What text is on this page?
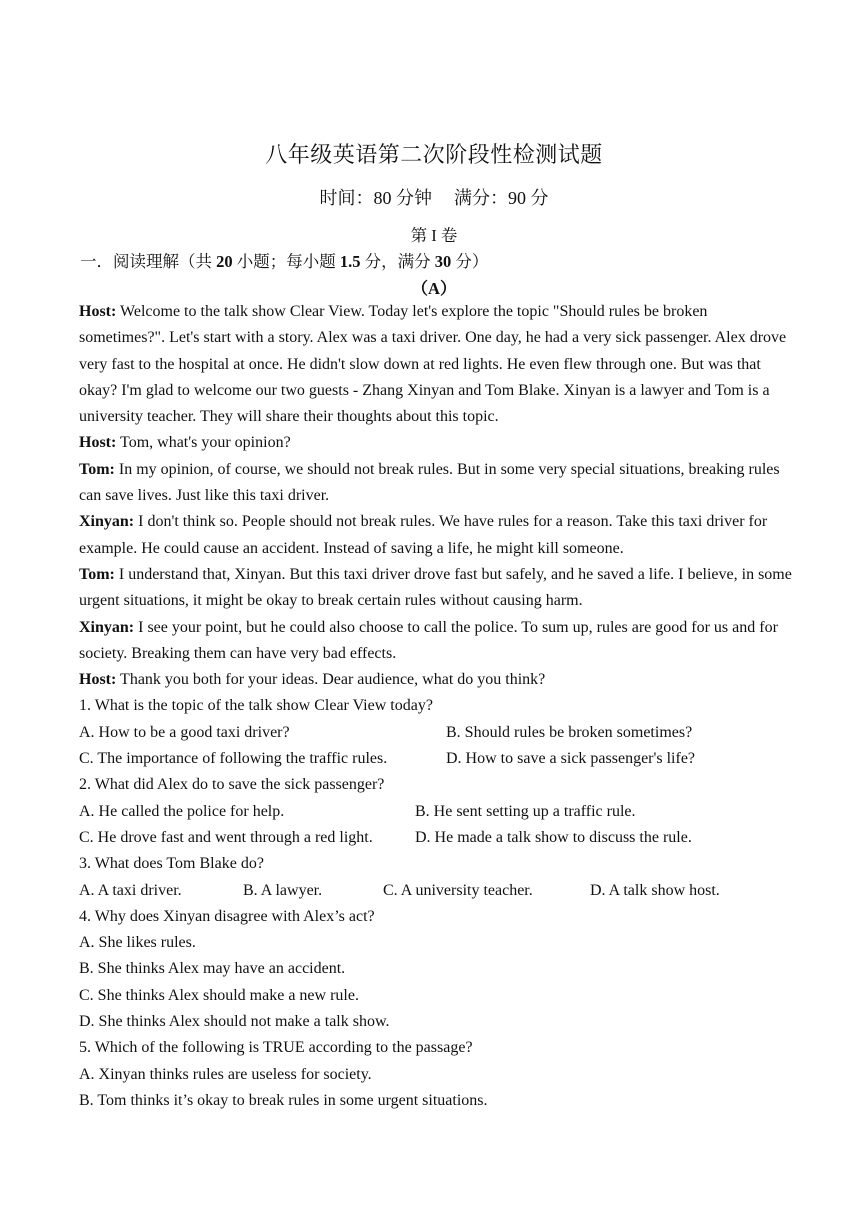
八年级英语第二次阶段性检测试题
时间：80 分钟 满分：90 分
第 I 卷
一．阅读理解（共 20 小题；每小题 1.5 分，满分 30 分）
（A）

Host: Welcome to the talk show Clear View. Today let's explore the topic "Should rules be broken sometimes?". Let's start with a story. Alex was a taxi driver. One day, he had a very sick passenger. Alex drove very fast to the hospital at once. He didn't slow down at red lights. He even flew through one. But was that okay? I'm glad to welcome our two guests - Zhang Xinyan and Tom Blake. Xinyan is a lawyer and Tom is a university teacher. They will share their thoughts about this topic.

Host: Tom, what's your opinion?

Tom: In my opinion, of course, we should not break rules. But in some very special situations, breaking rules can save lives. Just like this taxi driver.

Xinyan: I don't think so. People should not break rules. We have rules for a reason. Take this taxi driver for example. He could cause an accident. Instead of saving a life, he might kill someone.

Tom: I understand that, Xinyan. But this taxi driver drove fast but safely, and he saved a life. I believe, in some urgent situations, it might be okay to break certain rules without causing harm.

Xinyan: I see your point, but he could also choose to call the police. To sum up, rules are good for us and for society. Breaking them can have very bad effects.

Host: Thank you both for your ideas. Dear audience, what do you think?

1. What is the topic of the talk show Clear View today?

A. How to be a good taxi driver?	B. Should rules be broken sometimes?
C. The importance of following the traffic rules.	D. How to save a sick passenger's life?

2. What did Alex do to save the sick passenger?

A. He called the police for help.	B. He sent setting up a traffic rule.
C. He drove fast and went through a red light.	D. He made a talk show to discuss the rule.

3. What does Tom Blake do?

A. A taxi driver.	B. A lawyer.	C. A university teacher.	D. A talk show host.

4. Why does Xinyan disagree with Alex’s act?

A. She likes rules.

B. She thinks Alex may have an accident.

C. She thinks Alex should make a new rule.

D. She thinks Alex should not make a talk show.

5. Which of the following is TRUE according to the passage?

A. Xinyan thinks rules are useless for society.

B. Tom thinks it’s okay to break rules in some urgent situations.
